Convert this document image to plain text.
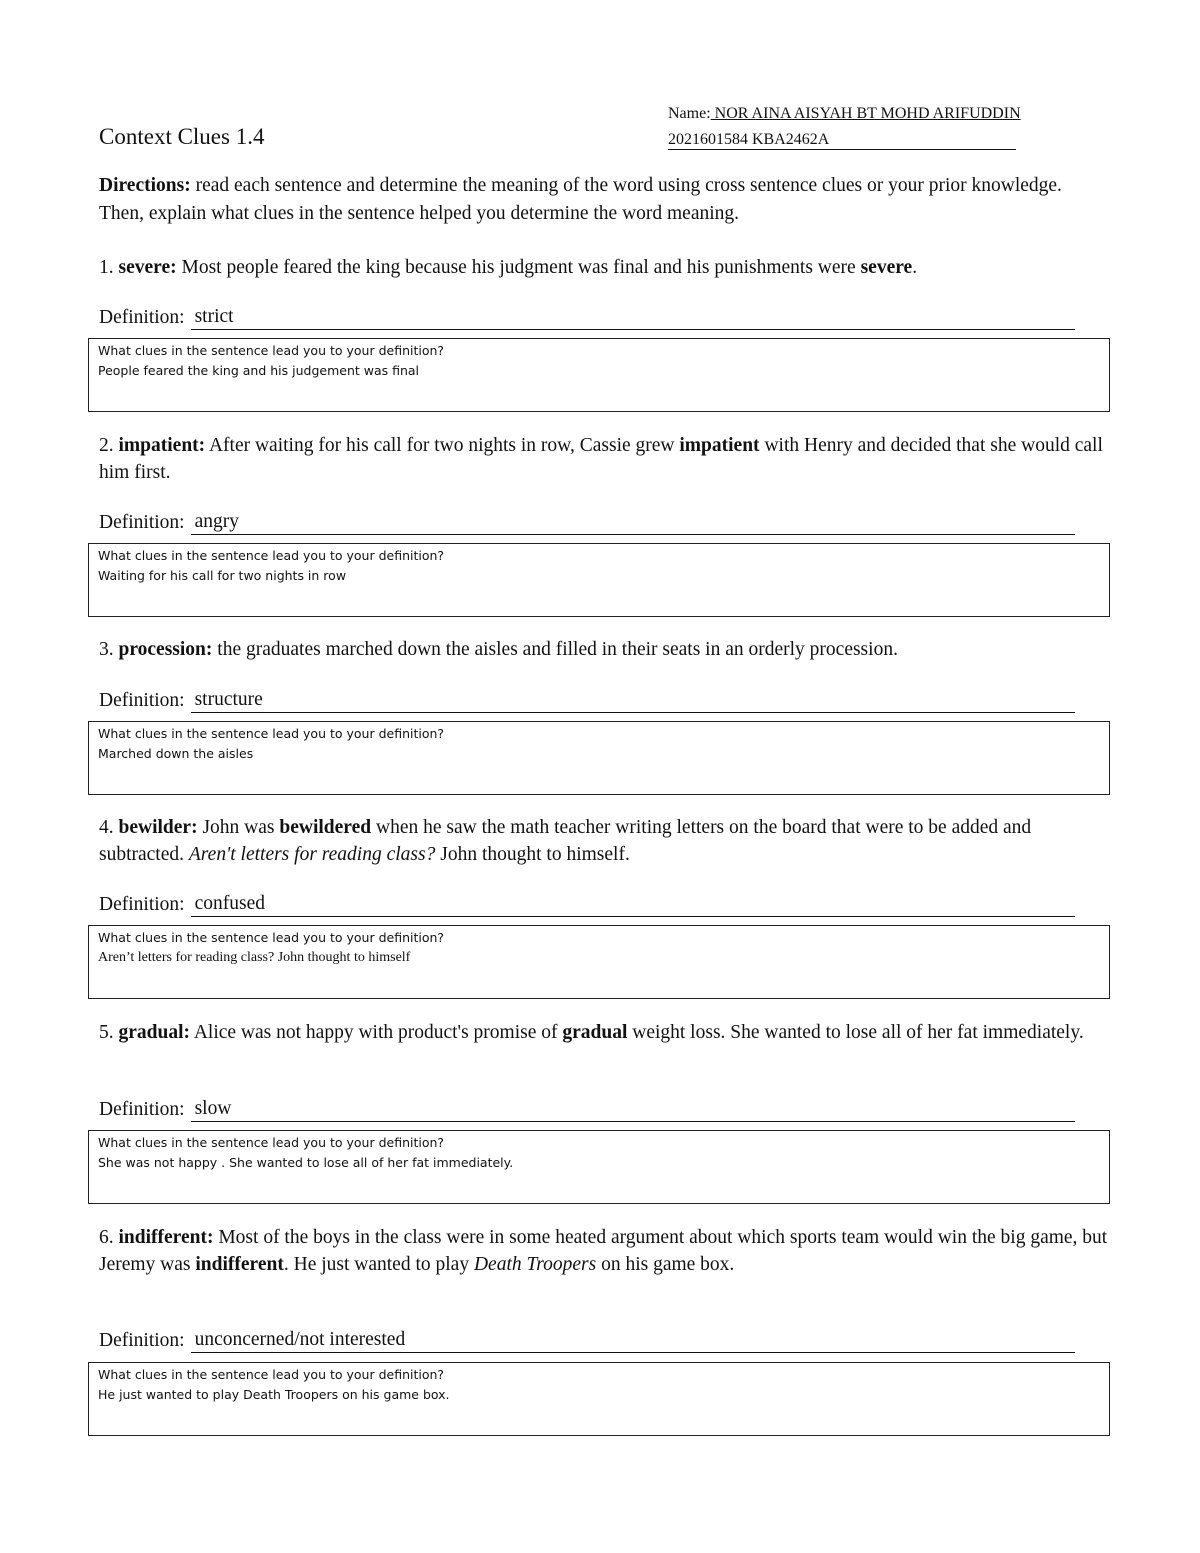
Name: NOR AINA AISYAH BT MOHD ARIFUDDIN
2021601584 KBA2462A
Context Clues 1.4
Directions: read each sentence and determine the meaning of the word using cross sentence clues or your prior knowledge. Then, explain what clues in the sentence helped you determine the word meaning.
1. severe: Most people feared the king because his judgment was final and his punishments were severe.
Definition: strict
What clues in the sentence lead you to your definition?
People feared the king and his judgement was final
2. impatient: After waiting for his call for two nights in row, Cassie grew impatient with Henry and decided that she would call him first.
Definition: angry
What clues in the sentence lead you to your definition?
Waiting for his call for two nights in row
3. procession: the graduates marched down the aisles and filled in their seats in an orderly procession.
Definition: structure
What clues in the sentence lead you to your definition?
Marched down the aisles
4. bewilder: John was bewildered when he saw the math teacher writing letters on the board that were to be added and subtracted. Aren't letters for reading class? John thought to himself.
Definition: confused
What clues in the sentence lead you to your definition?
Aren’t letters for reading class? John thought to himself
5. gradual: Alice was not happy with product's promise of gradual weight loss. She wanted to lose all of her fat immediately.
Definition: slow
What clues in the sentence lead you to your definition?
She was not happy . She wanted to lose all of her fat immediately.
6. indifferent: Most of the boys in the class were in some heated argument about which sports team would win the big game, but Jeremy was indifferent. He just wanted to play Death Troopers on his game box.
Definition: unconcerned/not interested
What clues in the sentence lead you to your definition?
He just wanted to play Death Troopers on his game box.
